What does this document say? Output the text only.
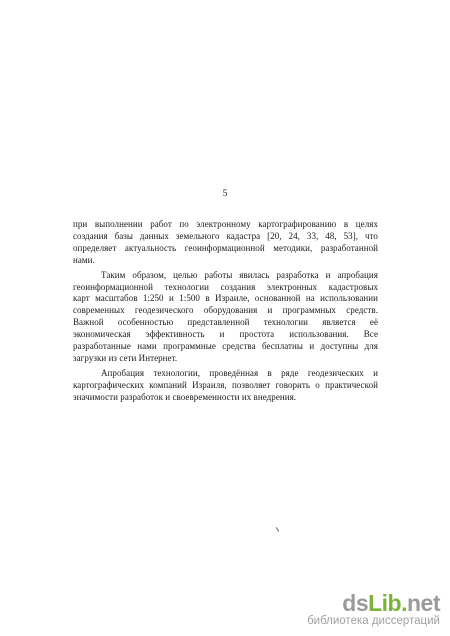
5
при выполнении работ по электронному картографированию в целях
создания базы данных земельного кадастра [20, 24, 33, 48, 53], что
определяет актуальность геоинформационной методики, разработанной
нами.
Таким образом, целью работы явилась разработка и апробация
геоинформационной технологии создания электронных кадастровых
карт масштабов 1:250 и 1:500 в Израиле, основанной на использовании
современных геодезического оборудования и программных средств.
Важной особенностью представленной технологии является её
экономическая эффективность и простота использования. Все
разработанные нами программные средства бесплатны и доступны для
загрузки из сети Интернет.
Апробация технологии, проведённая в ряде геодезических и
картографических компаний Израиля, позволяет говорить о практической
значимости разработок и своевременности их внедрения.
dsLib.net
библиотека диссертаций
